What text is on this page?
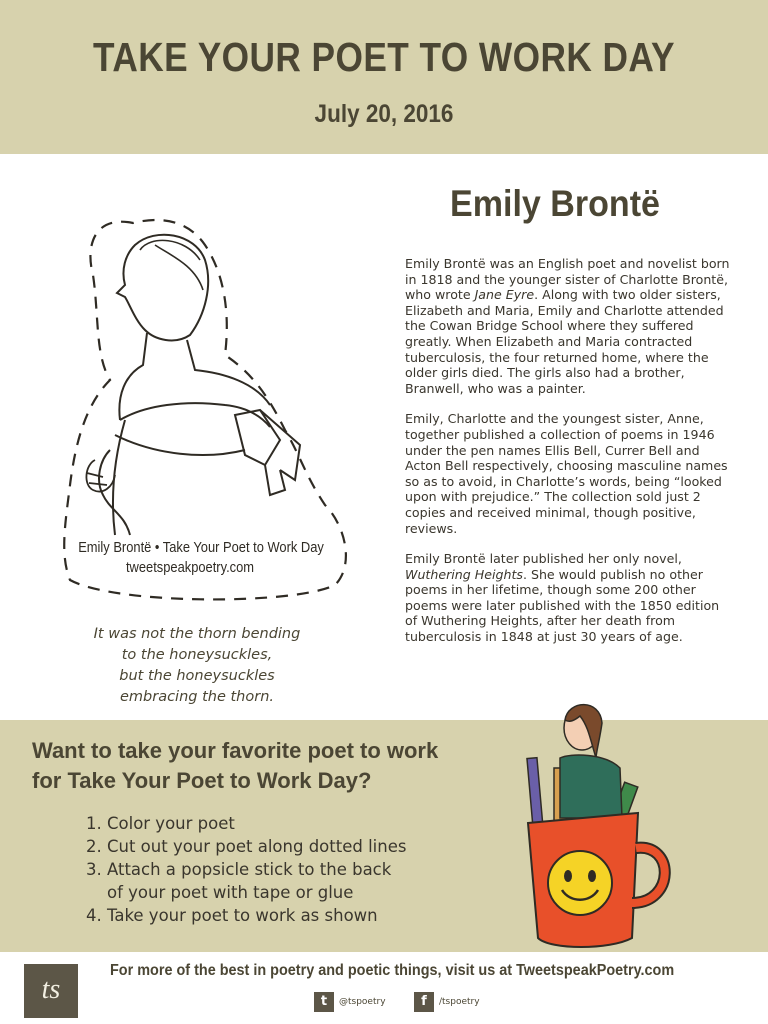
TAKE YOUR POET TO WORK DAY
July 20, 2016
Emily Brontë • Take Your Poet to Work Day
tweetspeakpoetry.com
It was not the thorn bending
to the honeysuckles,
but the honeysuckles
embracing the thorn.
Emily Brontë

Emily Brontë was an English poet and novelist born in 1818 and the younger sister of Charlotte Brontë, who wrote Jane Eyre. Along with two older sisters, Elizabeth and Maria, Emily and Charlotte attended the Cowan Bridge School where they suffered greatly. When Elizabeth and Maria contracted tuberculosis, the four returned home, where the older girls died. The girls also had a brother, Branwell, who was a painter.

Emily, Charlotte and the youngest sister, Anne, together published a collection of poems in 1946 under the pen names Ellis Bell, Currer Bell and Acton Bell respectively, choosing masculine names so as to avoid, in Charlotte’s words, being “looked upon with prejudice.” The collection sold just 2 copies and received minimal, though positive, reviews.

Emily Brontë later published her only novel, Wuthering Heights. She would publish no other poems in her lifetime, though some 200 other poems were later published with the 1850 edition of Wuthering Heights, after her death from tuberculosis in 1848 at just 30 years of age.

Want to take your favorite poet to work
for Take Your Poet to Work Day?
1. Color your poet
2. Cut out your poet along dotted lines
3. Attach a popsicle stick to the back
of your poet with tape or glue
4. Take your poet to work as shown
ts
For more of the best in poetry and poetic things, visit us at TweetspeakPoetry.com
t @tspoetry	f /tspoetry
